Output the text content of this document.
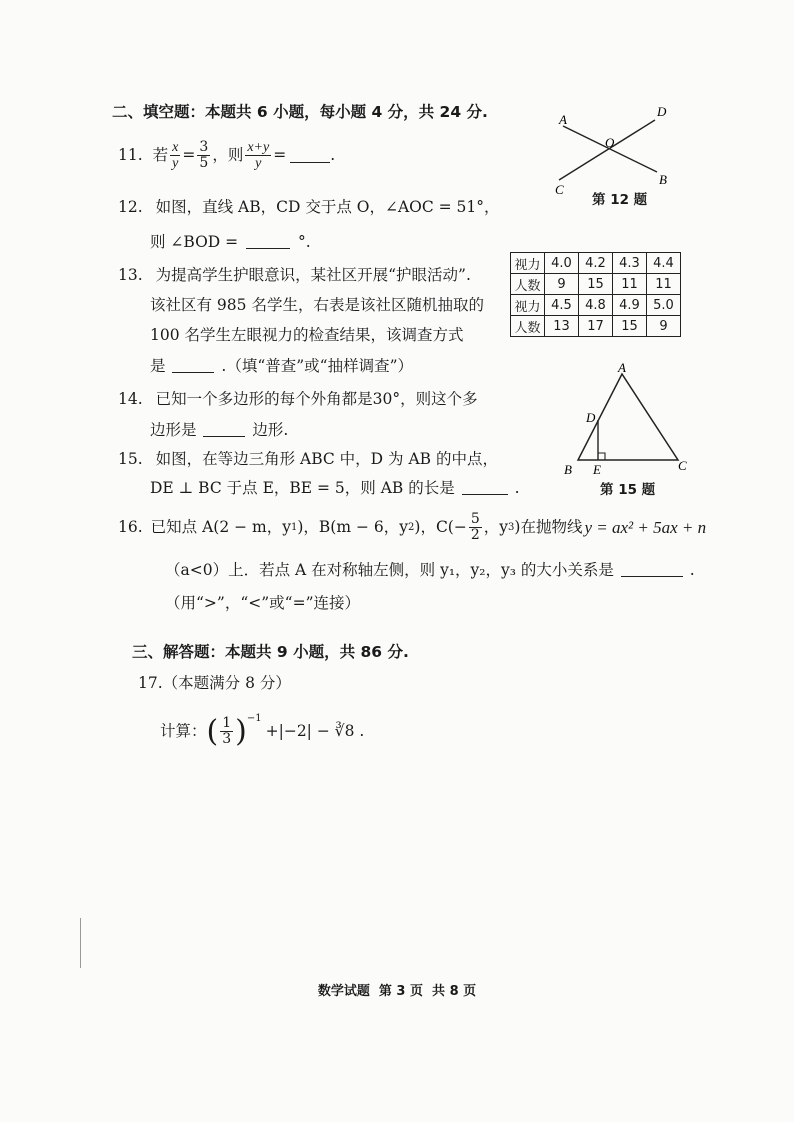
二、填空题：本题共 6 小题，每小题 4 分，共 24 分.
11. 若 $\frac{x}{y} = \frac{3}{5}$ ，则 $\frac{x+y}{y}$ =	.
A
D
O
C
B
第 12 题
12. 如图，直线 AB，CD 交于点 O，∠AOC = 51°，
则 ∠BOD =	°.
13. 为提高学生护眼意识，某社区开展“护眼活动”.
该社区有 985 名学生，右表是该社区随机抽取的
100 名学生左眼视力的检查结果，该调查方式
是	.（填“普查”或“抽样调查”）
视力	4.0	4.2	4.3	4.4
人数	9	15	11	11
视力	4.5	4.8	4.9	5.0
人数	13	17	15	9
14. 已知一个多边形的每个外角都是30°，则这个多
边形是	边形.
A
D
B E	C
第 15 题
15. 如图，在等边三角形 ABC 中，D 为 AB 的中点，
DE ⊥ BC 于点 E，BE = 5，则 AB 的长是	.
16. 已知点 A(2 − m，y 1 )，B(m − 6，y 2 )，$C(- \frac{5}{2}$ ，y 3 )在抛物线 y = ax² + 5ax + n
（a<0）上．若点 A 在对称轴左侧，则 y₁，y₂，y₃ 的大小关系是	.
（用“>”，“<”或“=”连接）
三、解答题：本题共 9 小题，共 86 分.
17.（本题满分 8 分）
计算： ( $\frac{1}{3} )^{-1}$
+|−2| − ∛8 .
数学试题  第 3 页  共 8 页
